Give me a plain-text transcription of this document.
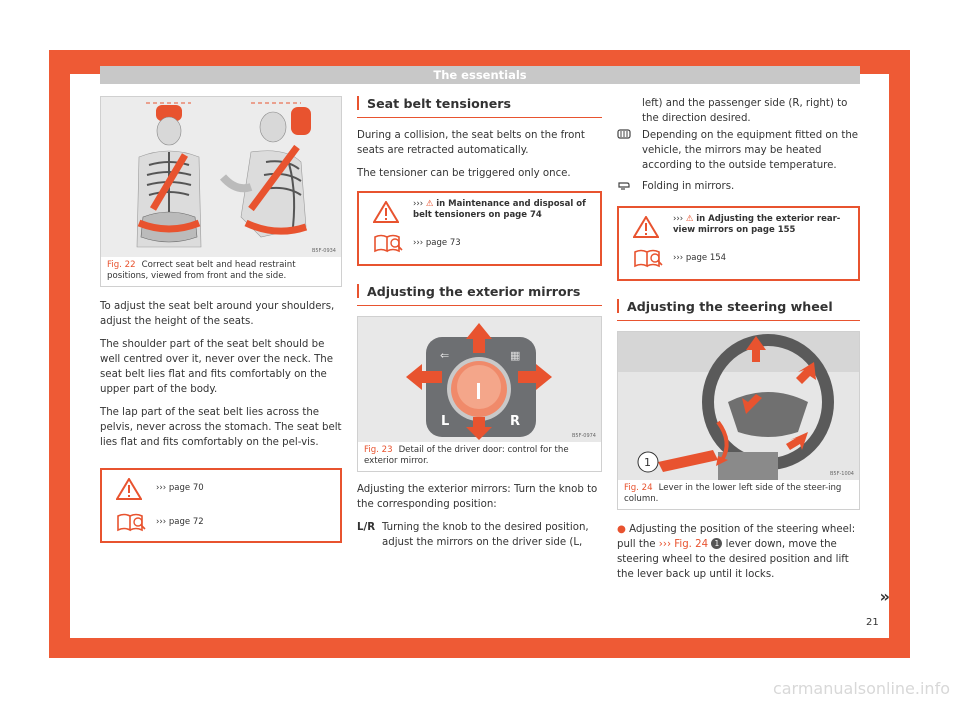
The essentials
B5F-0934
Fig. 22 Correct seat belt and head restraint positions, viewed from front and the side.

To adjust the seat belt around your shoulders, adjust the height of the seats.

The shoulder part of the seat belt should be well centred over it, never over the neck. The seat belt lies flat and fits comfortably on the upper part of the body.

The lap part of the seat belt lies across the pelvis, never across the stomach. The seat belt lies flat and fits comfortably on the pel-vis.

››› page 70
››› page 72
Seat belt tensioners

During a collision, the seat belts on the front seats are retracted automatically.

The tensioner can be triggered only once.

››› ⚠ in Maintenance and disposal of belt tensioners on page 74
››› page 73
Adjusting the exterior mirrors
⇐	▦
L	R
B5F-0974
Fig. 23 Detail of the driver door: control for the exterior mirror.

Adjusting the exterior mirrors: Turn the knob to the corresponding position:

L/R Turning the knob to the desired position, adjust the mirrors on the driver side (L,
left) and the passenger side (R, right) to the direction desired.
Depending on the equipment fitted on the vehicle, the mirrors may be heated according to the outside temperature.
Folding in mirrors.
››› ⚠ in Adjusting the exterior rear-view mirrors on page 155
››› page 154
Adjusting the steering wheel
1
B5F-1004
Fig. 24 Lever in the lower left side of the steer-ing column.

● Adjusting the position of the steering wheel: pull the ››› Fig. 24 1 lever down, move the steering wheel to the desired position and lift the lever back up until it locks.

»
21
carmanualsonline.info
